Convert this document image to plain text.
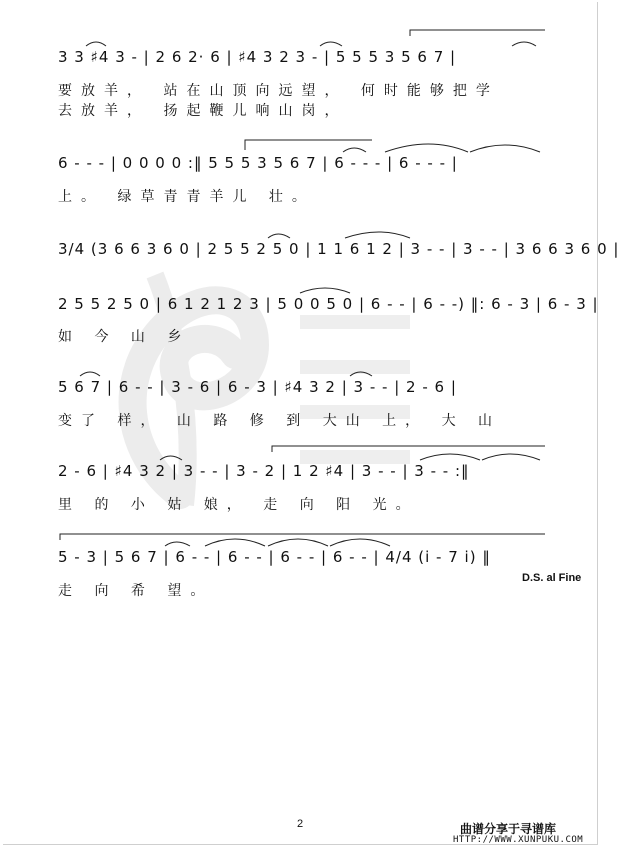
3 3 ♯4 3 - | 2 6 2· 6 | ♯4 3 2 3 - | 5 5 5 3 5 6 7 |
要放羊， 站在山顶向远望， 何时能够把学
去放羊， 扬起鞭儿响山岗，
6 - - - | 0 0 0 0 :‖ 5 5 5 3 5 6 7 | 6 - - - | 6 - - - |
上。 绿草青青羊儿 壮。
3/4 (3 6 6 3 6 0 | 2 5 5 2 5 0 | 1 1 6 1 2 | 3 - - | 3 - - | 3 6 6 3 6 0 |
2 5 5 2 5 0 | 6 1 2 1 2 3 | 5 0 0 5 0 | 6 - - | 6 - -) ‖: 6 - 3 | 6 - 3 |
如 今 山 乡
5 6 7 | 6 - - | 3 - 6 | 6 - 3 | ♯4 3 2 | 3 - - | 2 - 6 |
变了 样， 山 路 修 到 大山 上， 大 山
2 - 6 | ♯4 3 2 | 3 - - | 3 - 2 | 1 2 ♯4 | 3 - - | 3 - - :‖
里 的 小 姑 娘， 走 向 阳 光。
5 - 3 | 5 6 7 | 6 - - | 6 - - | 6 - - | 6 - - | 4/4 (i - 7 i) ‖
走 向 希 望。
D.S. al Fine
2	曲谱分享于寻谱库
HTTP://WWW.XUNPUKU.COM
